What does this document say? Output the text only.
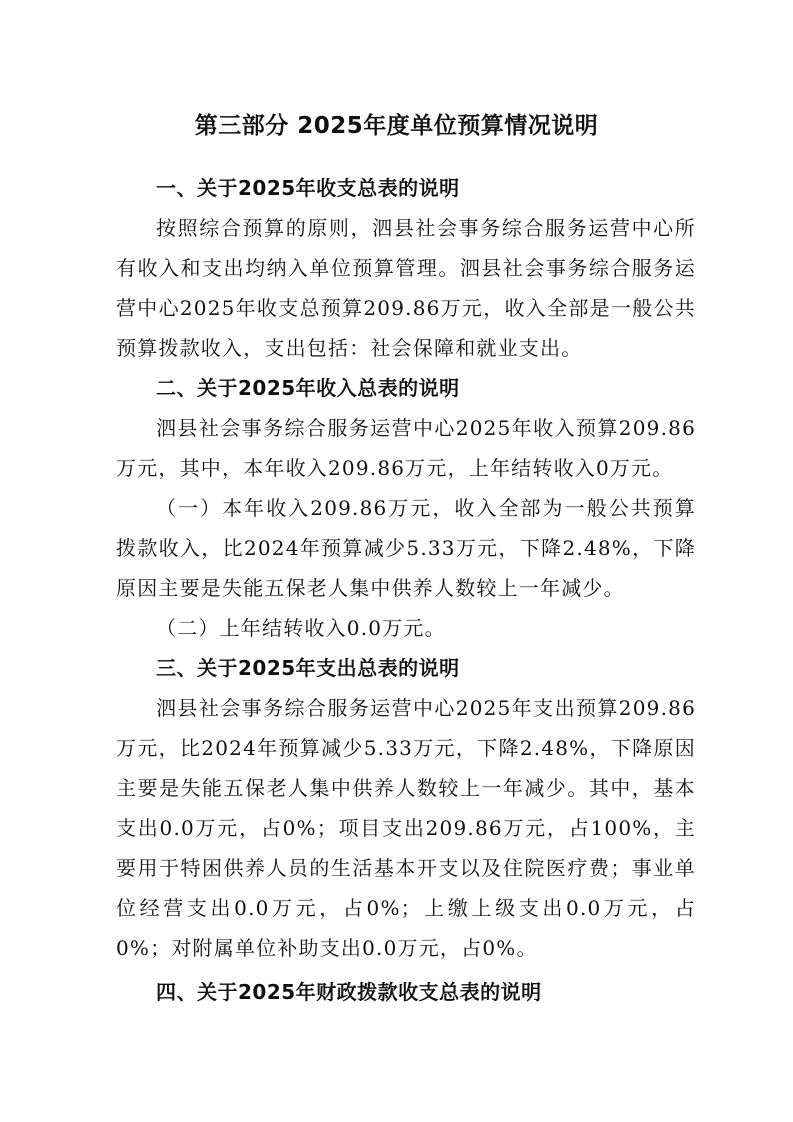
第三部分 2025年度单位预算情况说明
一、关于2025年收支总表的说明

按照综合预算的原则，泗县社会事务综合服务运营中心所有收入和支出均纳入单位预算管理。泗县社会事务综合服务运营中心2025年收支总预算209.86万元，收入全部是一般公共预算拨款收入，支出包括：社会保障和就业支出。

二、关于2025年收入总表的说明

泗县社会事务综合服务运营中心2025年收入预算209.86万元，其中，本年收入209.86万元，上年结转收入0万元。

（一）本年收入209.86万元，收入全部为一般公共预算拨款收入，比2024年预算减少5.33万元，下降2.48%，下降原因主要是失能五保老人集中供养人数较上一年减少。

（二）上年结转收入0.0万元。

三、关于2025年支出总表的说明

泗县社会事务综合服务运营中心2025年支出预算209.86万元，比2024年预算减少5.33万元，下降2.48%，下降原因主要是失能五保老人集中供养人数较上一年减少。其中，基本支出0.0万元，占0%；项目支出209.86万元，占100%，主要用于特困供养人员的生活基本开支以及住院医疗费；事业单位经营支出0.0万元，占0%；上缴上级支出0.0万元，占0%；对附属单位补助支出0.0万元，占0%。

四、关于2025年财政拨款收支总表的说明
